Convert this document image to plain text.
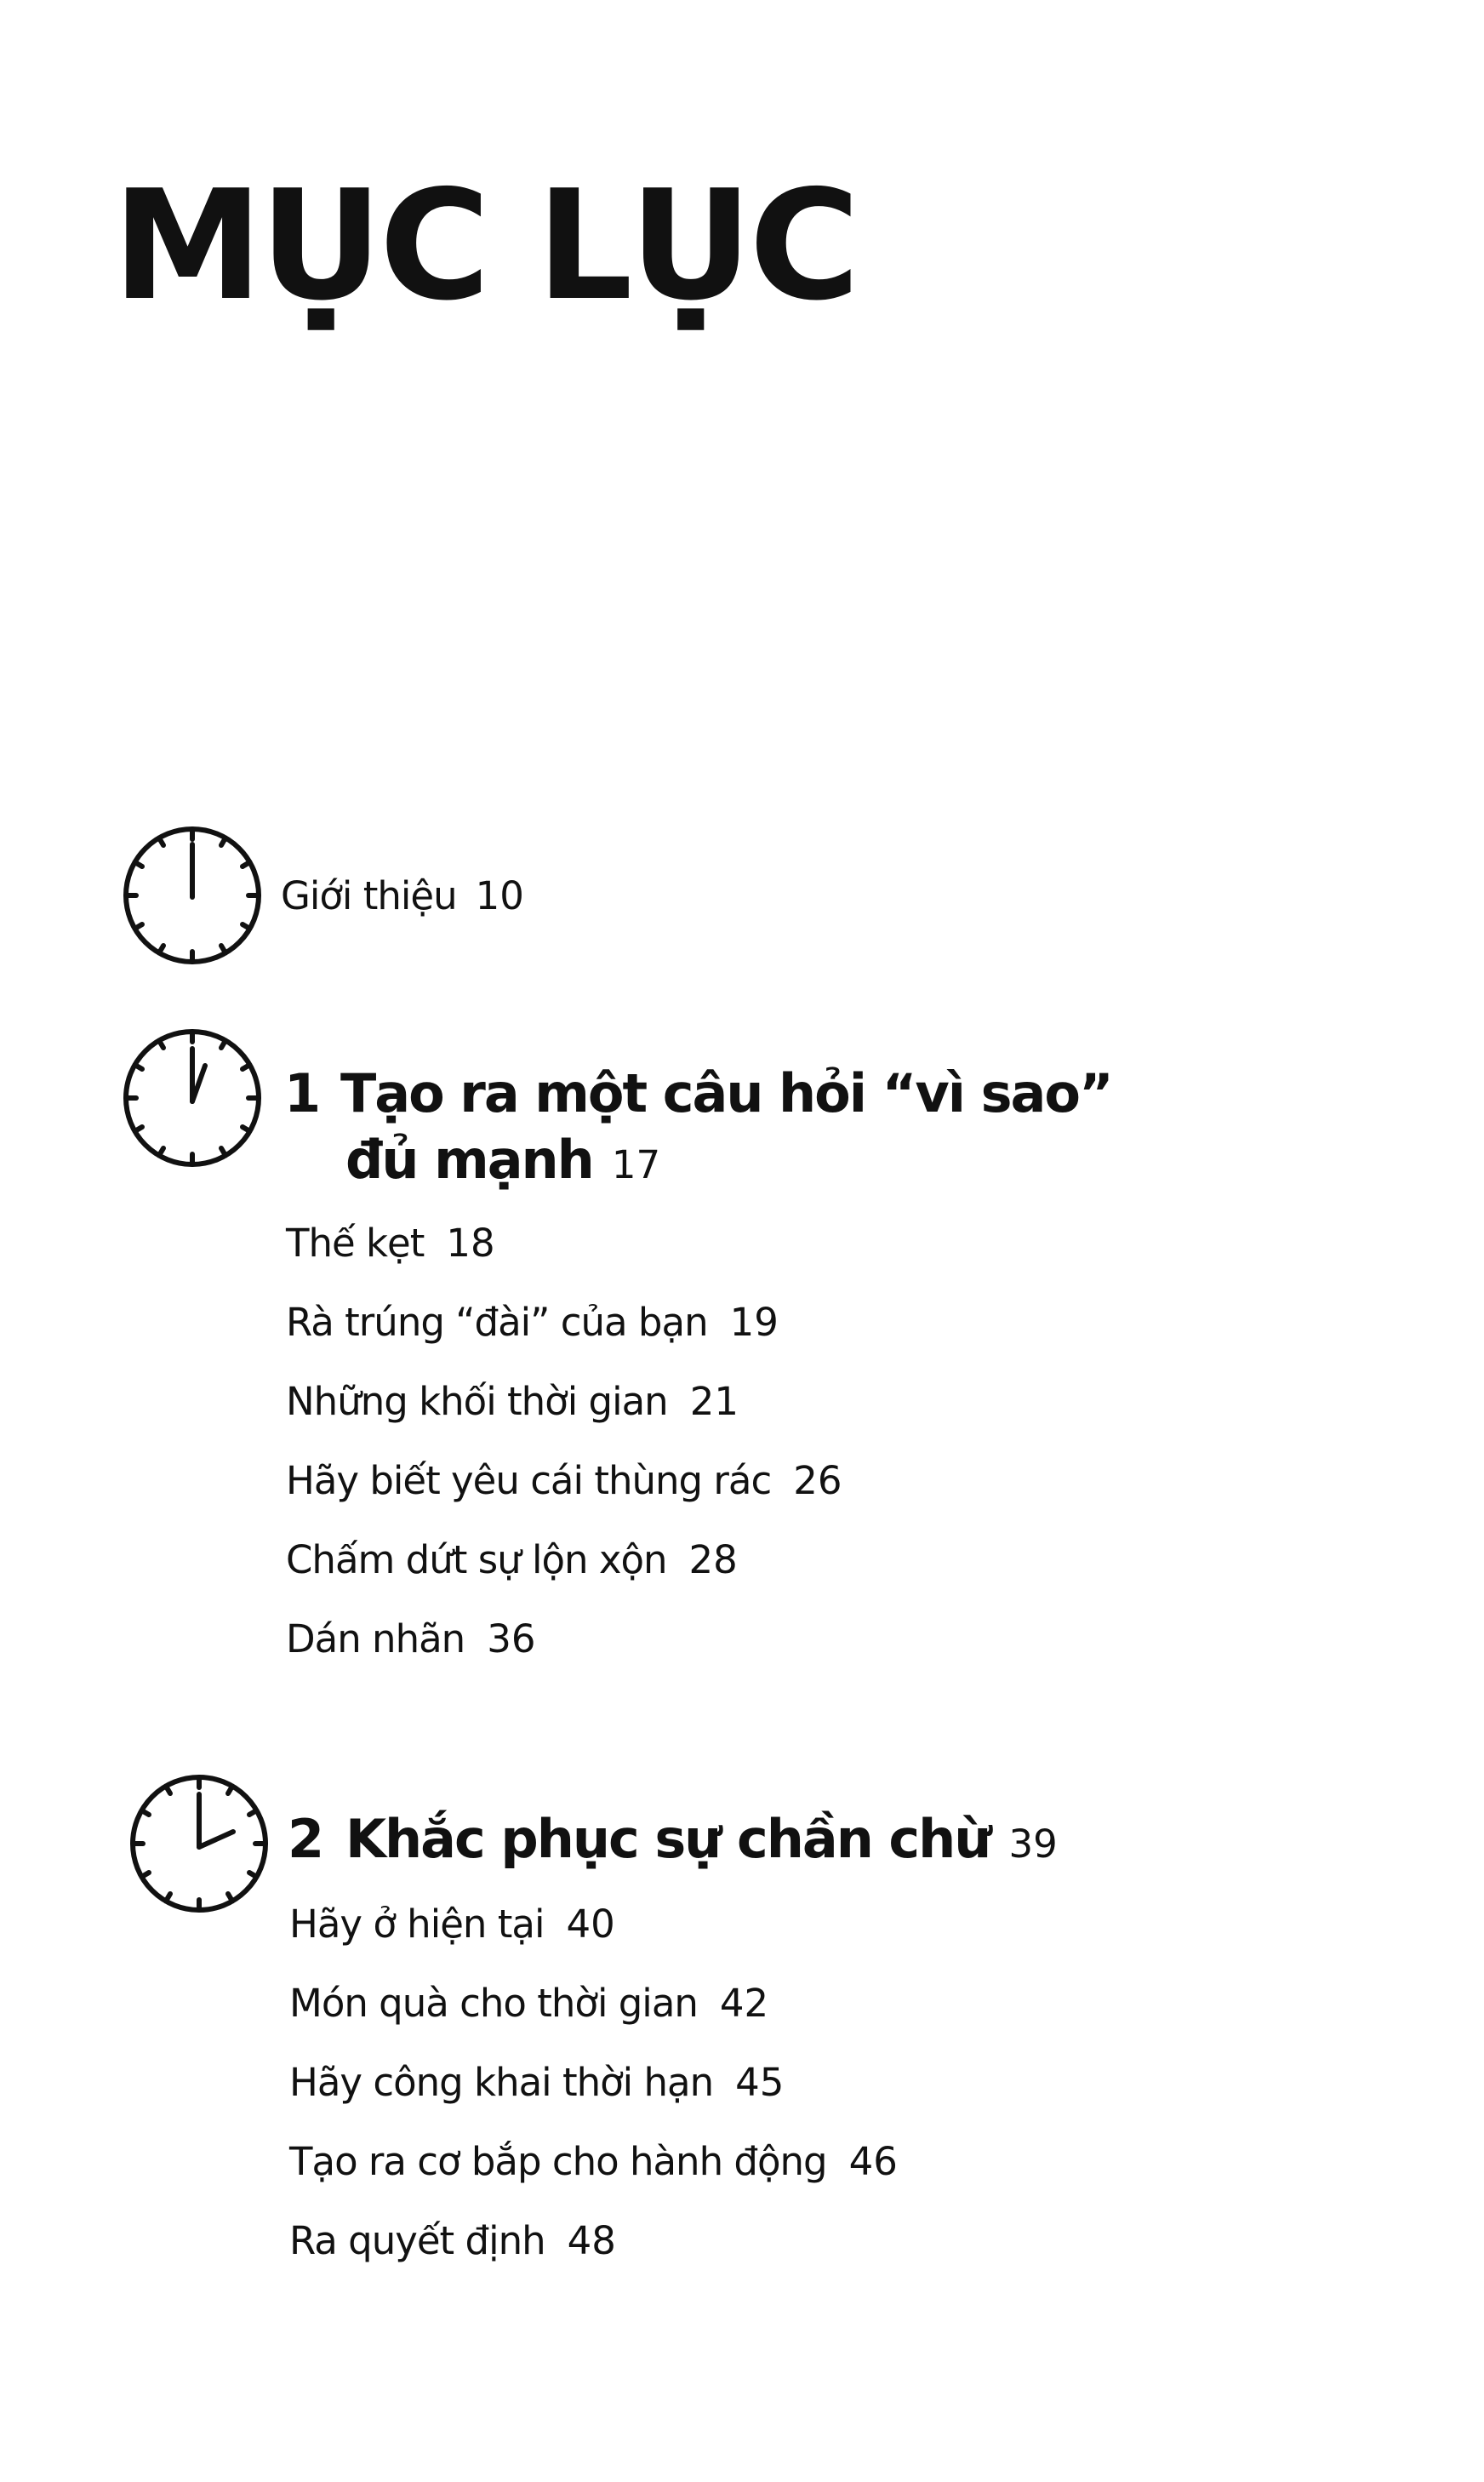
MỤC LỤC
Giới thiệu 10
1 Tạo ra một câu hỏi “vì sao”
đủ mạnh 17
Thế kẹt 18
Rà trúng “đài” của bạn 19
Những khối thời gian 21
Hãy biết yêu cái thùng rác 26
Chấm dứt sự lộn xộn 28
Dán nhãn 36
2 Khắc phục sự chần chừ 39
Hãy ở hiện tại 40
Món quà cho thời gian 42
Hãy công khai thời hạn 45
Tạo ra cơ bắp cho hành động 46
Ra quyết định 48
